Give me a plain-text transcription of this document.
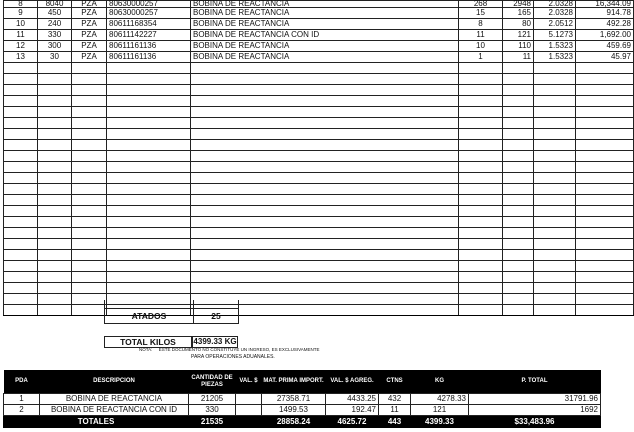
8	8040	PZA	80630000257	BOBINA DE REACTANCIA	268	2948	2.0328	16,344.09
9	450	PZA	80630000257	BOBINA DE REACTANCIA	15	165	2.0328	914.78
10	240	PZA	80611168354	BOBINA DE REACTANCIA	8	80	2.0512	492.28
11	330	PZA	80611142227	BOBINA DE REACTANCIA CON ID	11	121	5.1273	1,692.00
12	300	PZA	80611161136	BOBINA DE REACTANCIA	10	110	1.5323	459.69
13	30	PZA	80611161136	BOBINA DE REACTANCIA	1	11	1.5323	45.97

ATADOS	25
TOTAL KILOS	4399.33 KG
NOTA: ESTE DOCUMENTO NO CONSTITUYE UN INGRESO, ES EXCLUSIVAMENTE
PARA OPERACIONES ADUANALES.
PDA	DESCRIPCION	CANTIDAD DE PIEZAS	VAL. $	MAT. PRIMA IMPORT.	VAL. $ AGREG.	CTNS	KG	P. TOTAL
1	BOBINA DE REACTANCIA	21205		27358.71	4433.25	432	4278.33	31791.96
2	BOBINA DE REACTANCIA CON ID	330		1499.53	192.47	11	121	1692
TOTALES		21535		28858.24	4625.72	443	4399.33	$33,483.96
